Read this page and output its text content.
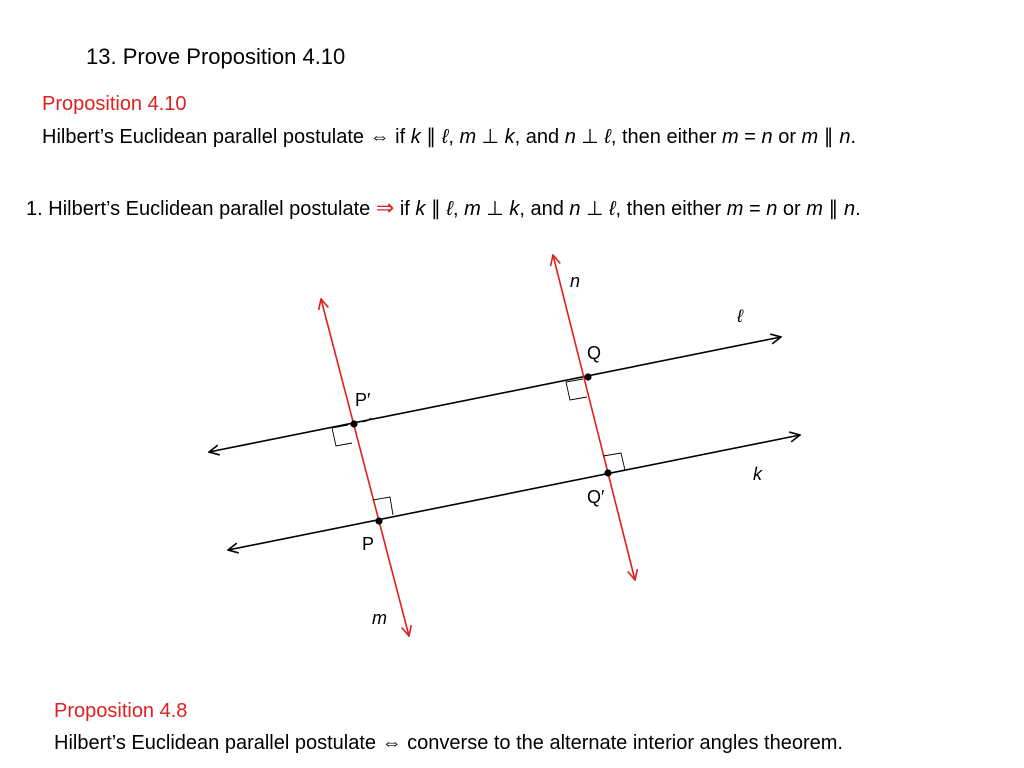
13. Prove Proposition 4.10
Proposition 4.10
Hilbert’s Euclidean parallel postulate ⇔ if k ∥ ℓ, m ⊥ k, and n ⊥ ℓ, then either m = n or m ∥ n.
1. Hilbert’s Euclidean parallel postulate ⇒ if k ∥ ℓ, m ⊥ k, and n ⊥ ℓ, then either m = n or m ∥ n.
n
ℓ
Q
P′
k
Q′
P
m
Proposition 4.8
Hilbert’s Euclidean parallel postulate ⇔ converse to the alternate interior angles theorem.
